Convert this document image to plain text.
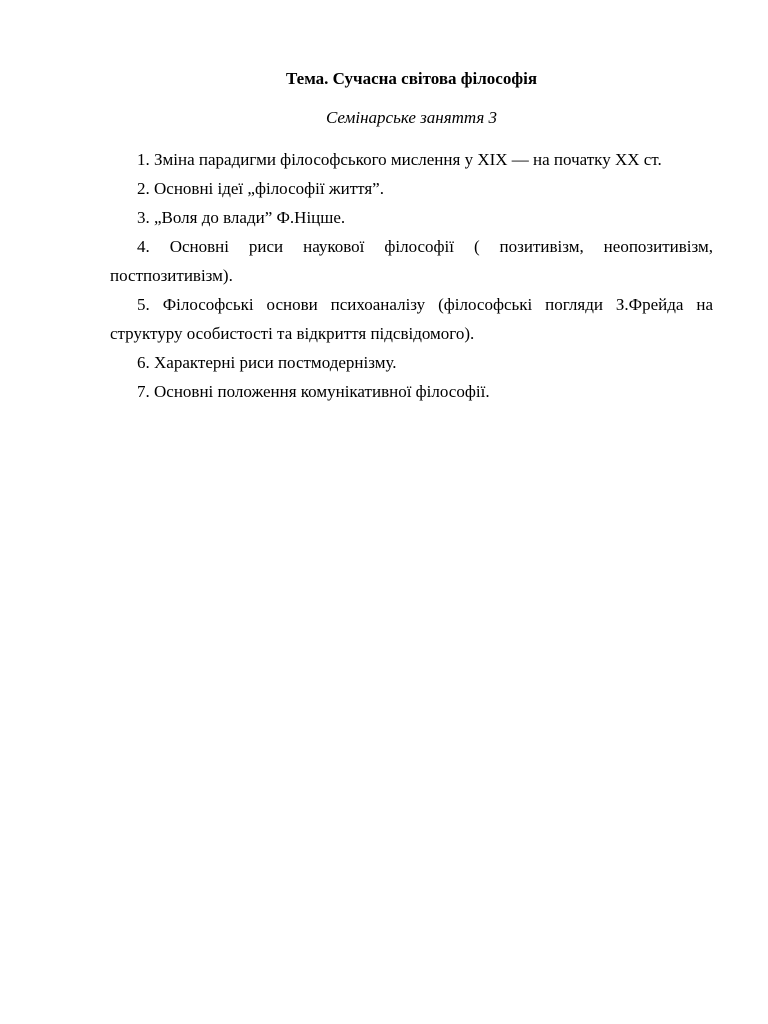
Тема. Сучасна світова філософія
Семінарське заняття 3

1. Зміна парадигми філософського мислення у ХІХ — на початку ХХ ст.

2. Основні ідеї „філософії життя”.

3. „Воля до влади” Ф.Ніцше.

4. Основні риси наукової філософії ( позитивізм, неопозитивізм, постпозитивізм).

5. Філософські основи психоаналізу (філософські погляди З.Фрейда на структуру особистості та відкриття підсвідомого).

6. Характерні риси постмодернізму.

7. Основні положення комунікативної філософії.
